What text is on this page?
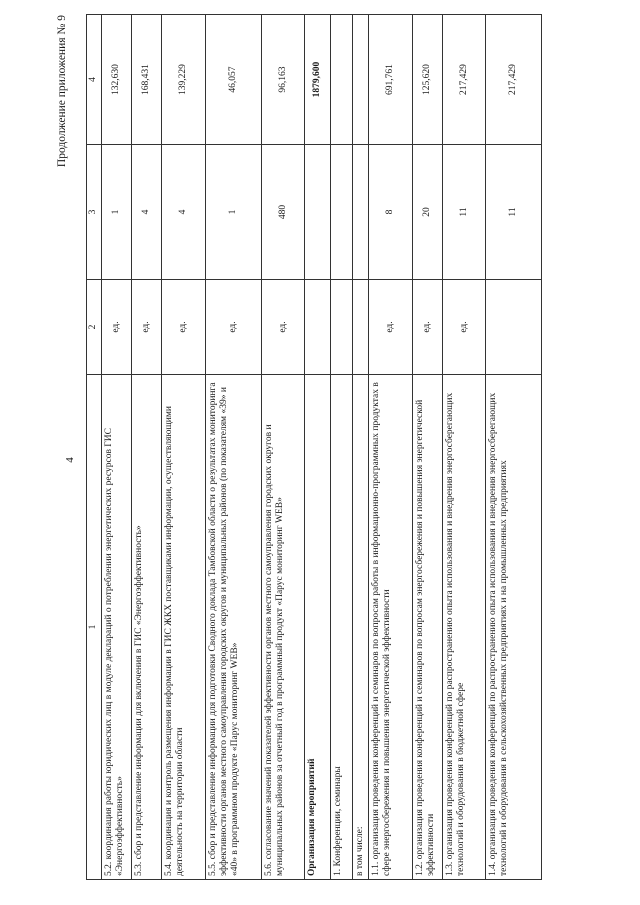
4
Продолжение приложения № 9
1	2	3	4
5.2. координация работы юридических лиц в модуле деклараций о потреблении энергетических ресурсов ГИС «Энергоэффективность»	ед.	1	132,630
5.3. сбор и представление информации для включения в ГИС «Энергоэффективность»	ед.	4	168,431
5.4. координация и контроль размещения информации в ГИС ЖКХ поставщиками информации, осуществляющими деятельность на территории области	ед.	4	139,229
5.5. сбор и представление информации для подготовки Сводного доклада Тамбовской области о результатах мониторинга эффективности органов местного самоуправления городских округов и муниципальных районов (по показателям «39» и «40» в программном продукте «Парус мониторинг WEB»	ед.	1	46,057
5.6. согласование значений показателей эффективности органов местного самоуправления городских округов и муниципальных районов за отчетный год в программный продукт «Парус мониторинг WEB»	ед.	480	96,163
Организация мероприятий			1879,600
1. Конференции, семинары			
в том числе:			
1.1. организация проведения конференций и семинаров по вопросам работы в информационно-программных продуктах в сфере энергосбережения и повышения энергетической эффективности	ед.	8	691,761
1.2. организация проведения конференций и семинаров по вопросам энергосбережения и повышения энергетической эффективности	ед.	20	125,620
1.3. организация проведения конференций по распространению опыта использования и внедрения энергосберегающих технологий и оборудования в бюджетной сфере	ед.	11	217,429
1.4. организация проведения конференций по распространению опыта использования и внедрения энергосберегающих технологий и оборудования в сельскохозяйственных предприятиях и на промышленных предприятиях		11	217,429
